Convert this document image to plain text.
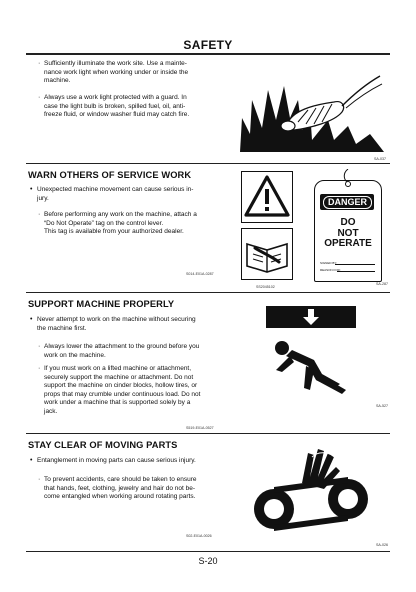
SAFETY
· Sufficiently illuminate the work site. Use a mainte-
nance work light when working under or inside the
machine.
· Always use a work light protected with a guard. In
case the light bulb is broken, spilled fuel, oil, anti-
freeze fluid, or window washer fluid may catch fire.
SA-037
WARN OTHERS OF SERVICE WORK
• Unexpected machine movement can cause serious in-
jury.
· Before performing any work on the machine, attach a
“Do Not Operate” tag on the control lever.
This tag is available from your authorized dealer.
S014-E01A-0287
SS2045102
DANGER
DO
NOT
OPERATE
SIGNED BY:
REASON FOR:
SA-287
SUPPORT MACHINE PROPERLY
• Never attempt to work on the machine without securing
the machine first.
· Always lower the attachment to the ground before you
work on the machine.
· If you must work on a lifted machine or attachment,
securely support the machine or attachment. Do not
support the machine on cinder blocks, hollow tires, or
props that may crumble under continuous load. Do not
work under a machine that is supported solely by a
jack.
S519-E01A-0527
SA-527
STAY CLEAR OF MOVING PARTS
• Entanglement in moving parts can cause serious injury.
· To prevent accidents, care should be taken to ensure
that hands, feet, clothing, jewelry and hair do not be-
come entangled when working around rotating parts.
S02-E01A-0026
SA-026
S-20
